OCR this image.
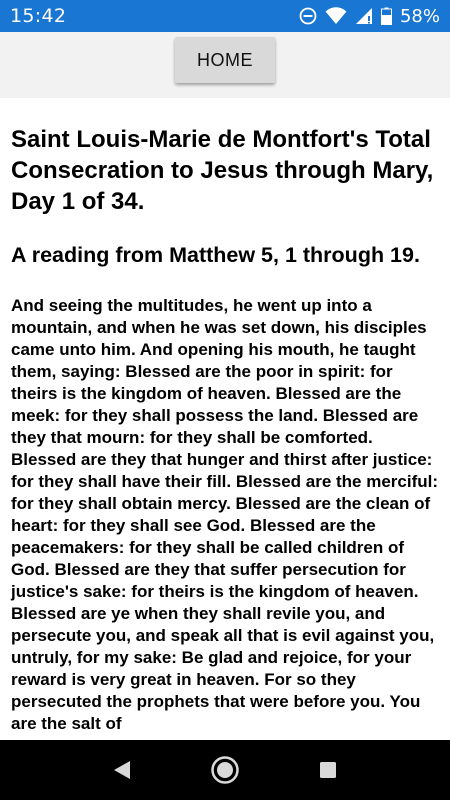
15:42	58%
HOME
Saint Louis-Marie de Montfort's Total Consecration to Jesus through Mary, Day 1 of 34.
A reading from Matthew 5, 1 through 19.

And seeing the multitudes, he went up into a mountain, and when he was set down, his disciples came unto him. And opening his mouth, he taught them, saying: Blessed are the poor in spirit: for theirs is the kingdom of heaven. Blessed are the meek: for they shall possess the land. Blessed are they that mourn: for they shall be comforted. Blessed are they that hunger and thirst after justice: for they shall have their fill. Blessed are the merciful: for they shall obtain mercy. Blessed are the clean of heart: for they shall see God. Blessed are the peacemakers: for they shall be called children of God. Blessed are they that suffer persecution for justice's sake: for theirs is the kingdom of heaven. Blessed are ye when they shall revile you, and persecute you, and speak all that is evil against you, untruly, for my sake: Be glad and rejoice, for your reward is very great in heaven. For so they persecuted the prophets that were before you. You are the salt of
